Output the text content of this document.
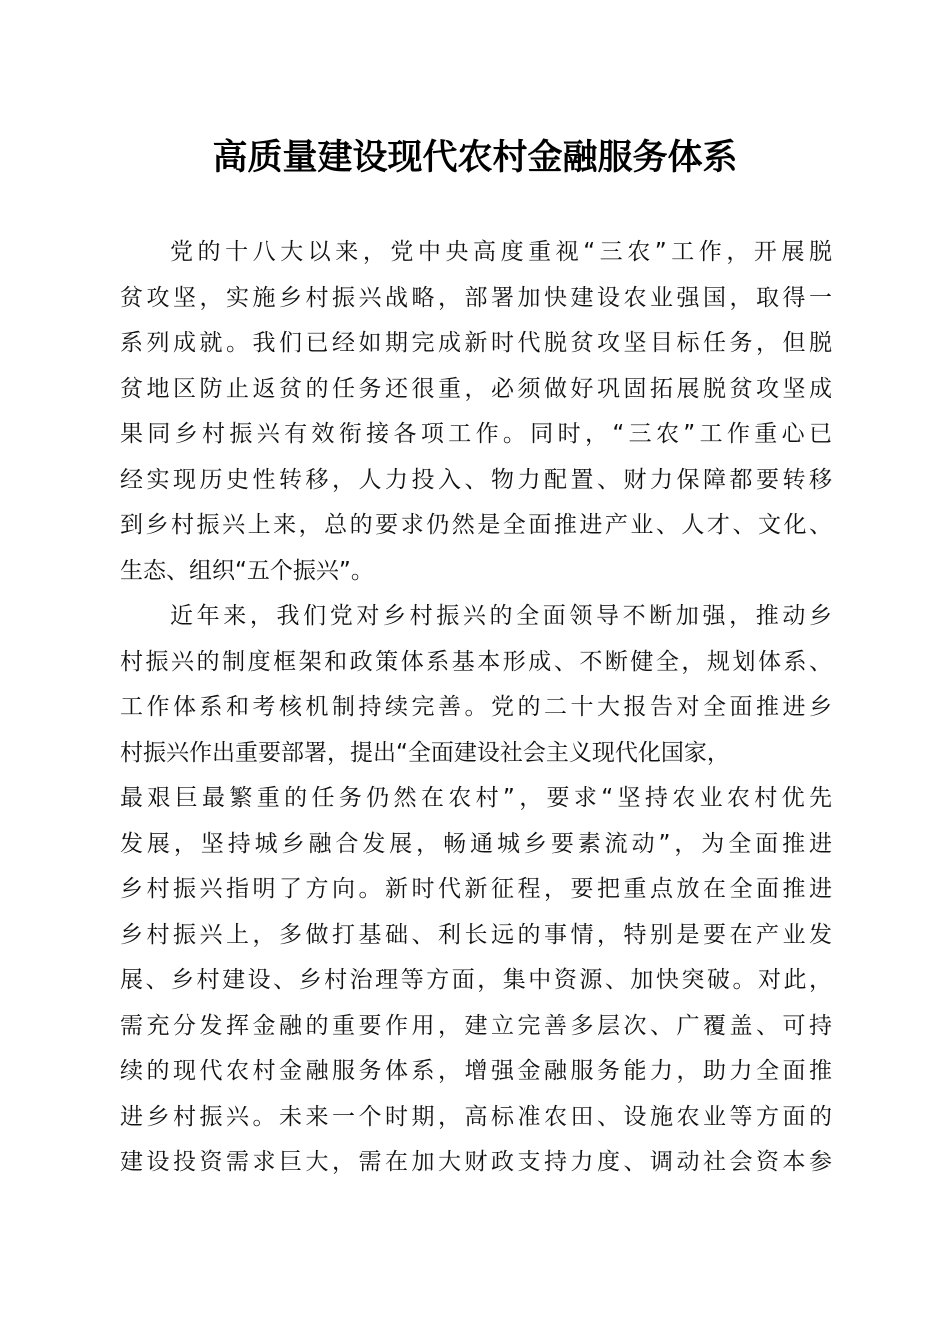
高质量建设现代农村金融服务体系
党的十八大以来，党中央高度重视“三农”工作，开展脱
贫攻坚，实施乡村振兴战略，部署加快建设农业强国，取得一
系列成就。我们已经如期完成新时代脱贫攻坚目标任务，但脱
贫地区防止返贫的任务还很重，必须做好巩固拓展脱贫攻坚成
果同乡村振兴有效衔接各项工作。同时，“三农”工作重心已
经实现历史性转移，人力投入、物力配置、财力保障都要转移
到乡村振兴上来，总的要求仍然是全面推进产业、人才、文化、
生态、组织“五个振兴”。
近年来，我们党对乡村振兴的全面领导不断加强，推动乡
村振兴的制度框架和政策体系基本形成、不断健全，规划体系、
工作体系和考核机制持续完善。党的二十大报告对全面推进乡
村振兴作出重要部署，提出“全面建设社会主义现代化国家，
最艰巨最繁重的任务仍然在农村”，要求“坚持农业农村优先
发展，坚持城乡融合发展，畅通城乡要素流动”，为全面推进
乡村振兴指明了方向。新时代新征程，要把重点放在全面推进
乡村振兴上，多做打基础、利长远的事情，特别是要在产业发
展、乡村建设、乡村治理等方面，集中资源、加快突破。对此，
需充分发挥金融的重要作用，建立完善多层次、广覆盖、可持
续的现代农村金融服务体系，增强金融服务能力，助力全面推
进乡村振兴。未来一个时期，高标准农田、设施农业等方面的
建设投资需求巨大，需在加大财政支持力度、调动社会资本参
